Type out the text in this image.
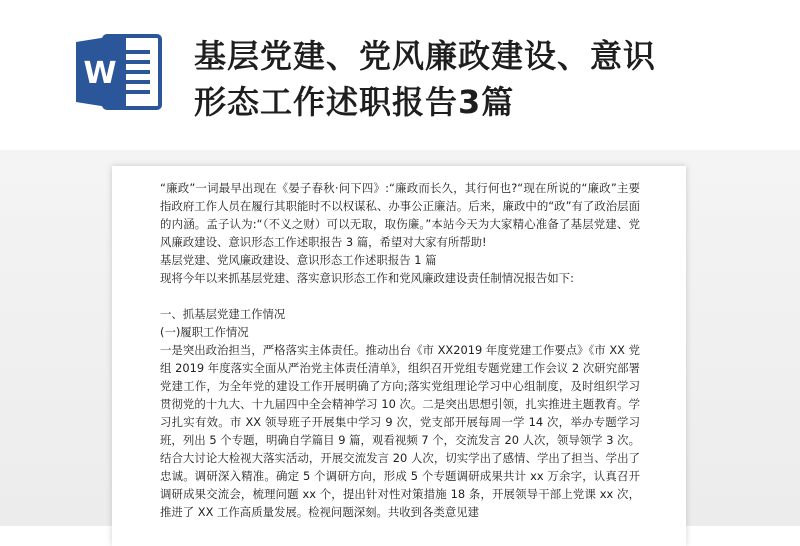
W 基层党建、党风廉政建设、意识
形态工作述职报告3篇

“廉政”一词最早出现在《晏子春秋·问下四》:“廉政而长久，其行何也?“现在所说的“廉政”主要指政府工作人员在履行其职能时不以权谋私、办事公正廉洁。后来，廉政中的“政”有了政治层面的内涵。孟子认为:“（不义之财）可以无取，取伤廉。”本站今天为大家精心准备了基层党建、党风廉政建设、意识形态工作述职报告 3 篇，希望对大家有所帮助!

基层党建、党风廉政建设、意识形态工作述职报告 1 篇

现将今年以来抓基层党建、落实意识形态工作和党风廉政建设责任制情况报告如下:

一、抓基层党建工作情况

(一)履职工作情况

一是突出政治担当，严格落实主体责任。推动出台《市 XX2019 年度党建工作要点》《市 XX 党组 2019 年度落实全面从严治党主体责任清单》，组织召开党组专题党建工作会议 2 次研究部署党建工作，为全年党的建设工作开展明确了方向;落实党组理论学习中心组制度，及时组织学习贯彻党的十九大、十九届四中全会精神学习 10 次。二是突出思想引领，扎实推进主题教育。学习扎实有效。市 XX 领导班子开展集中学习 9 次，党支部开展每周一学 14 次，举办专题学习班，列出 5 个专题，明确自学篇目 9 篇，观看视频 7 个，交流发言 20 人次，领导领学 3 次。结合大讨论大检视大落实活动，开展交流发言 20 人次，切实学出了感情、学出了担当、学出了忠诚。调研深入精准。确定 5 个调研方向，形成 5 个专题调研成果共计 xx 万余字，认真召开调研成果交流会，梳理问题 xx 个，提出针对性对策措施 18 条，开展领导干部上党课 xx 次，推进了 XX 工作高质量发展。检视问题深刻。共收到各类意见建
